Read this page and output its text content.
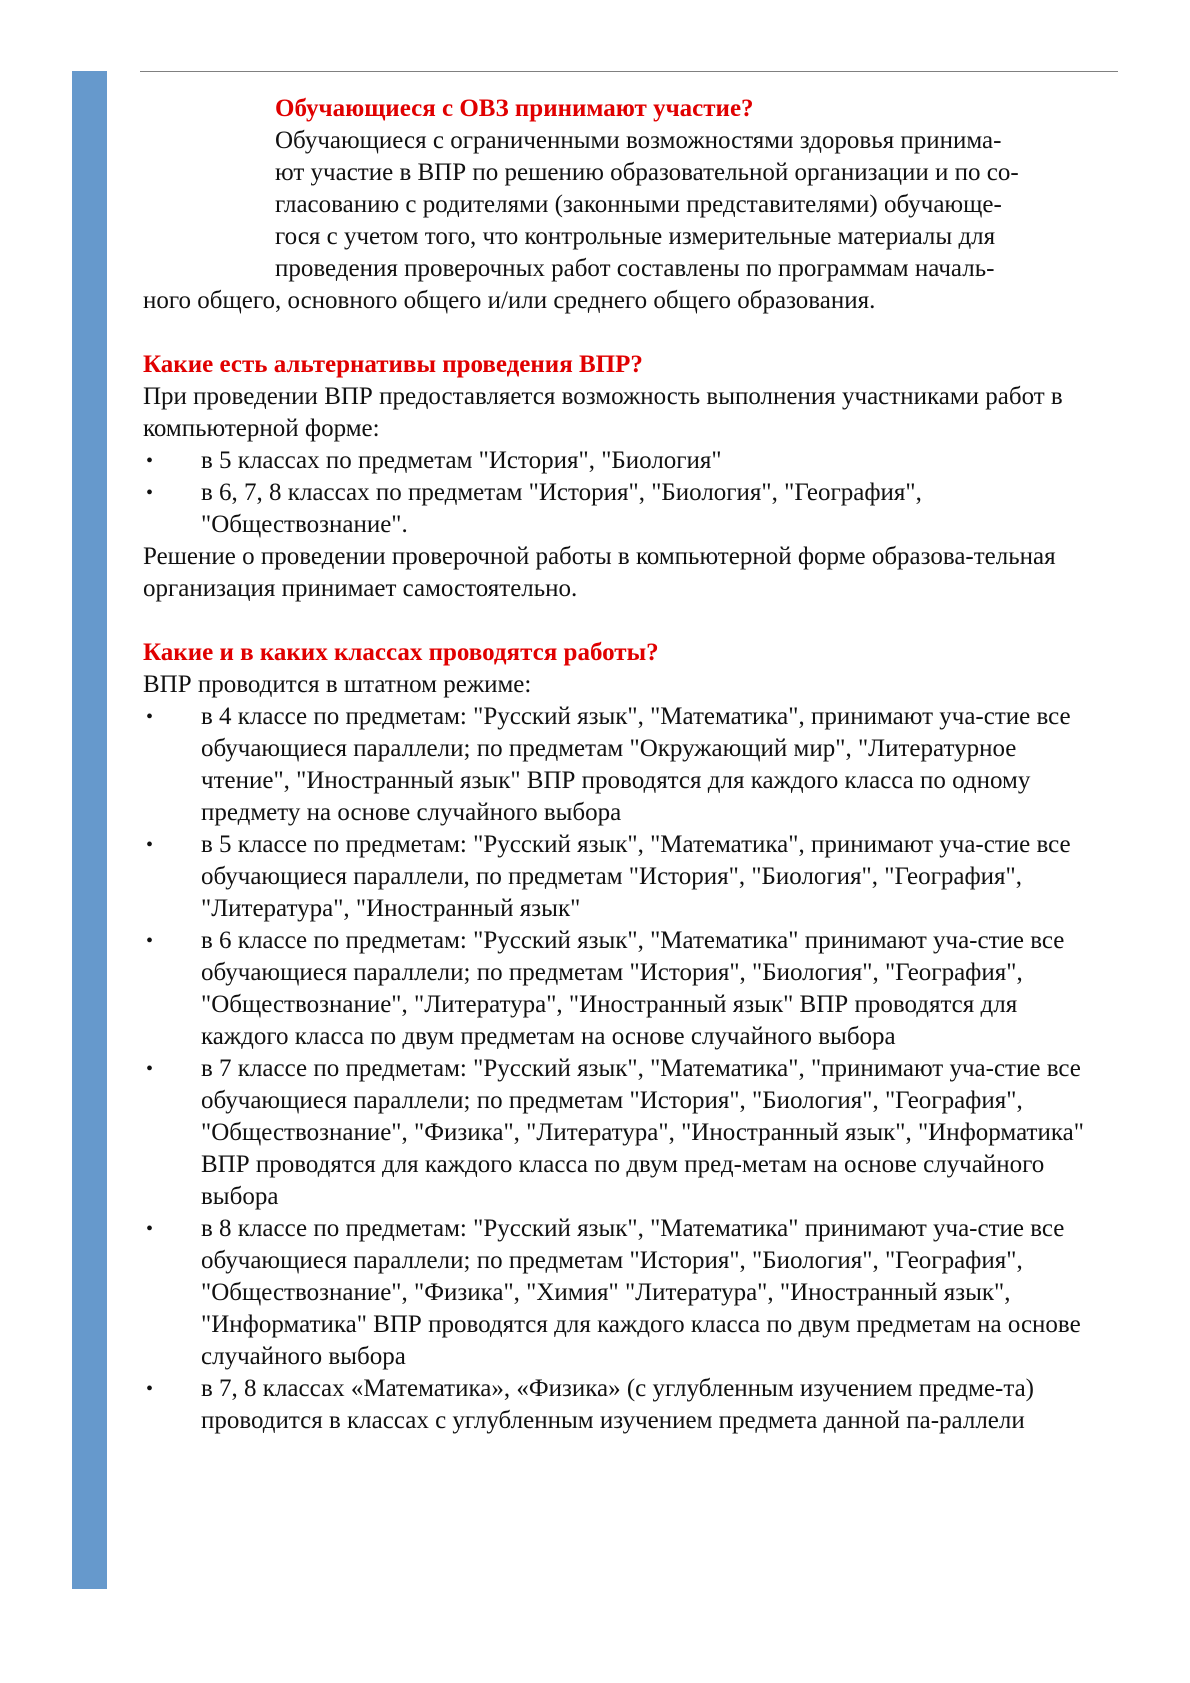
Обучающиеся с ОВЗ принимают участие?

Обучающиеся с ограниченными возможностями здоровья принима-

ют участие в ВПР по решению образовательной организации и по со-

гласованию с родителями (законными представителями) обучающе-

гося с учетом того, что контрольные измерительные материалы для

проведения проверочных работ составлены по программам началь-

ного общего, основного общего и/или среднего общего образования.

Какие есть альтернативы проведения ВПР?

При проведении ВПР предоставляется возможность выполнения участниками работ в компьютерной форме:

• в 5 классах по предметам "История", "Биология"
• в 6, 7, 8 классах по предметам "История", "Биология", "География", "Обществознание".

Решение о проведении проверочной работы в компьютерной форме образова-тельная организация принимает самостоятельно.

Какие и в каких классах проводятся работы?

ВПР проводится в штатном режиме:

• в 4 классе по предметам: "Русский язык", "Математика", принимают уча-стие все обучающиеся параллели; по предметам "Окружающий мир", "Литературное чтение", "Иностранный язык" ВПР проводятся для каждого класса по одному предмету на основе случайного выбора
• в 5 классе по предметам: "Русский язык", "Математика", принимают уча-стие все обучающиеся параллели, по предметам "История", "Биология", "География", "Литература", "Иностранный язык"
• в 6 классе по предметам: "Русский язык", "Математика" принимают уча-стие все обучающиеся параллели; по предметам "История", "Биология", "География", "Обществознание", "Литература", "Иностранный язык" ВПР проводятся для каждого класса по двум предметам на основе случайного выбора
• в 7 классе по предметам: "Русский язык", "Математика", "принимают уча-стие все обучающиеся параллели; по предметам "История", "Биология", "География", "Обществознание", "Физика", "Литература", "Иностранный язык", "Информатика" ВПР проводятся для каждого класса по двум пред-метам на основе случайного выбора
• в 8 классе по предметам: "Русский язык", "Математика" принимают уча-стие все обучающиеся параллели; по предметам "История", "Биология", "География", "Обществознание", "Физика", "Химия" "Литература", "Иностранный язык", "Информатика" ВПР проводятся для каждого класса по двум предметам на основе случайного выбора
• в 7, 8 классах «Математика», «Физика» (с углубленным изучением предме-та) проводится в классах с углубленным изучением предмета данной па-раллели
